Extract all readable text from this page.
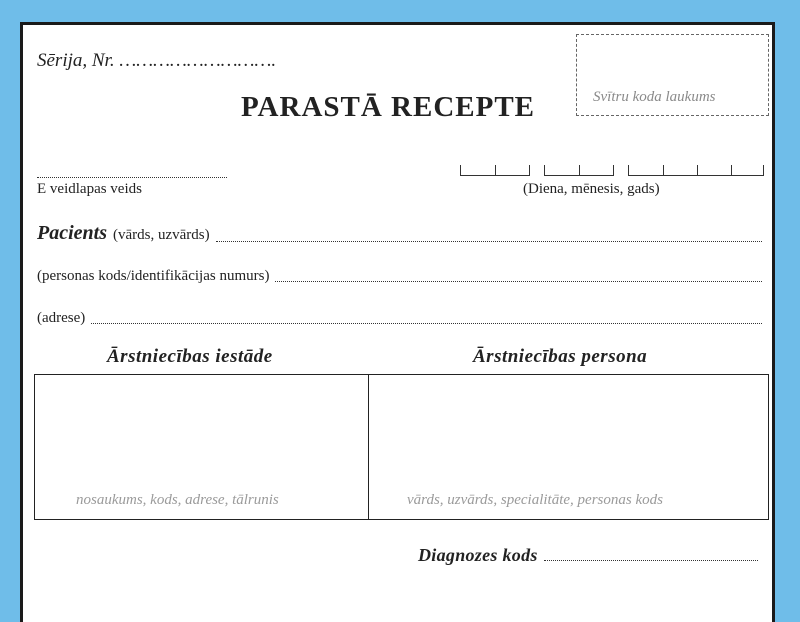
Sērija, Nr. ……………………….
PARASTĀ RECEPTE	Svītru koda laukums
E veidlapas veids	(Diena, mēnesis, gads)
Pacients (vārds, uzvārds)
(personas kods/identifikācijas numurs)
(adrese)
Ārstniecības iestāde	Ārstniecības persona
nosaukums, kods, adrese, tālrunis	vārds, uzvārds, specialitāte, personas kods
Diagnozes kods
